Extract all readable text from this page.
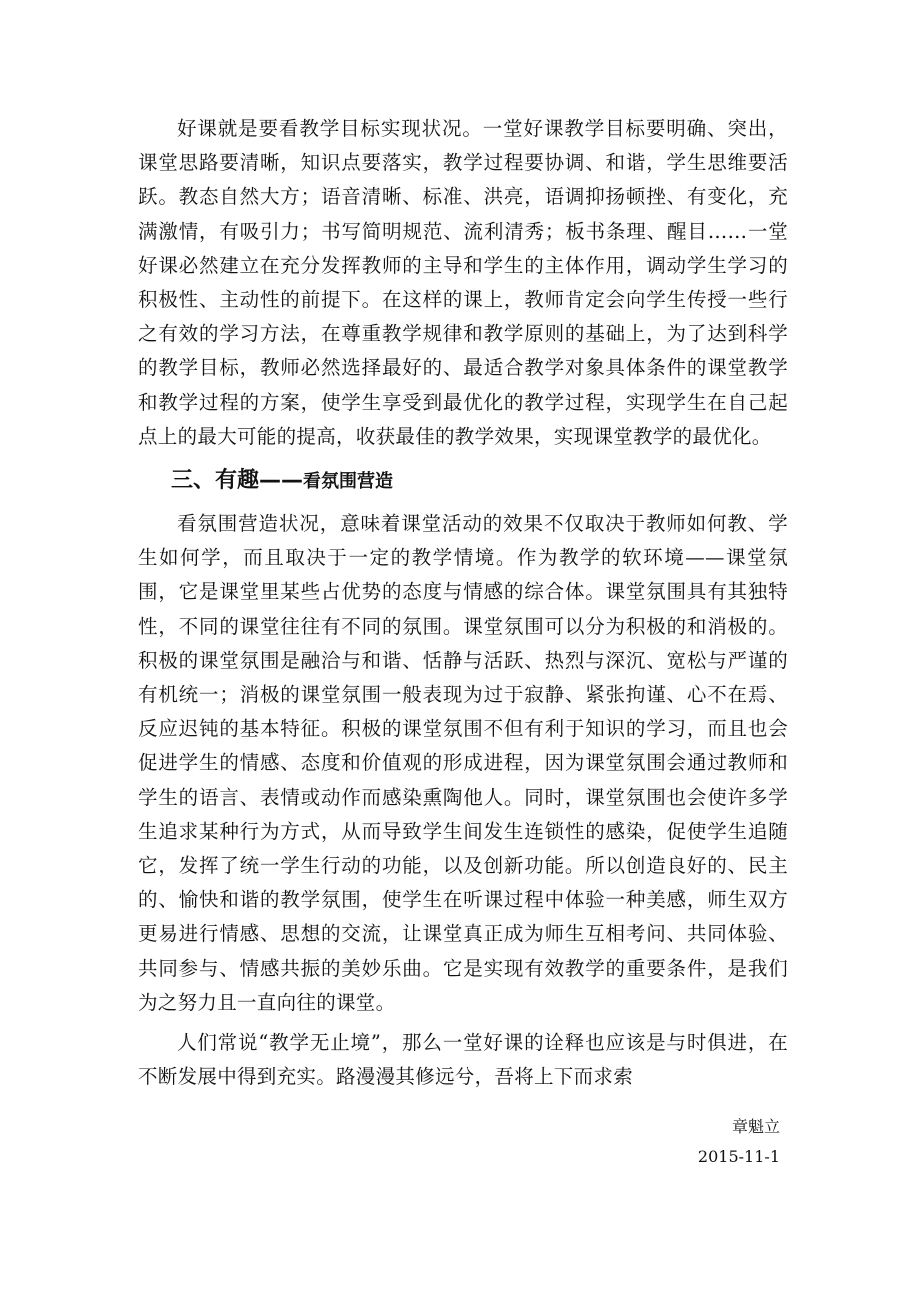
好课就是要看教学目标实现状况。一堂好课教学目标要明确、突出，课堂思路要清晰，知识点要落实，教学过程要协调、和谐，学生思维要活跃。教态自然大方；语音清晰、标准、洪亮，语调抑扬顿挫、有变化，充满激情，有吸引力；书写简明规范、流利清秀；板书条理、醒目……一堂好课必然建立在充分发挥教师的主导和学生的主体作用，调动学生学习的积极性、主动性的前提下。在这样的课上，教师肯定会向学生传授一些行之有效的学习方法，在尊重教学规律和教学原则的基础上，为了达到科学的教学目标，教师必然选择最好的、最适合教学对象具体条件的课堂教学和教学过程的方案，使学生享受到最优化的教学过程，实现学生在自己起点上的最大可能的提高，收获最佳的教学效果，实现课堂教学的最优化。

三、有趣——看氛围营造

看氛围营造状况，意味着课堂活动的效果不仅取决于教师如何教、学生如何学，而且取决于一定的教学情境。作为教学的软环境——课堂氛围，它是课堂里某些占优势的态度与情感的综合体。课堂氛围具有其独特性，不同的课堂往往有不同的氛围。课堂氛围可以分为积极的和消极的。积极的课堂氛围是融洽与和谐、恬静与活跃、热烈与深沉、宽松与严谨的有机统一；消极的课堂氛围一般表现为过于寂静、紧张拘谨、心不在焉、反应迟钝的基本特征。积极的课堂氛围不但有利于知识的学习，而且也会促进学生的情感、态度和价值观的形成进程，因为课堂氛围会通过教师和学生的语言、表情或动作而感染熏陶他人。同时，课堂氛围也会使许多学生追求某种行为方式，从而导致学生间发生连锁性的感染，促使学生追随它，发挥了统一学生行动的功能，以及创新功能。所以创造良好的、民主的、愉快和谐的教学氛围，使学生在听课过程中体验一种美感，师生双方更易进行情感、思想的交流，让课堂真正成为师生互相考问、共同体验、共同参与、情感共振的美妙乐曲。它是实现有效教学的重要条件，是我们为之努力且一直向往的课堂。

人们常说“教学无止境”，那么一堂好课的诠释也应该是与时俱进，在不断发展中得到充实。路漫漫其修远兮，吾将上下而求索

章魁立
2015-11-1
